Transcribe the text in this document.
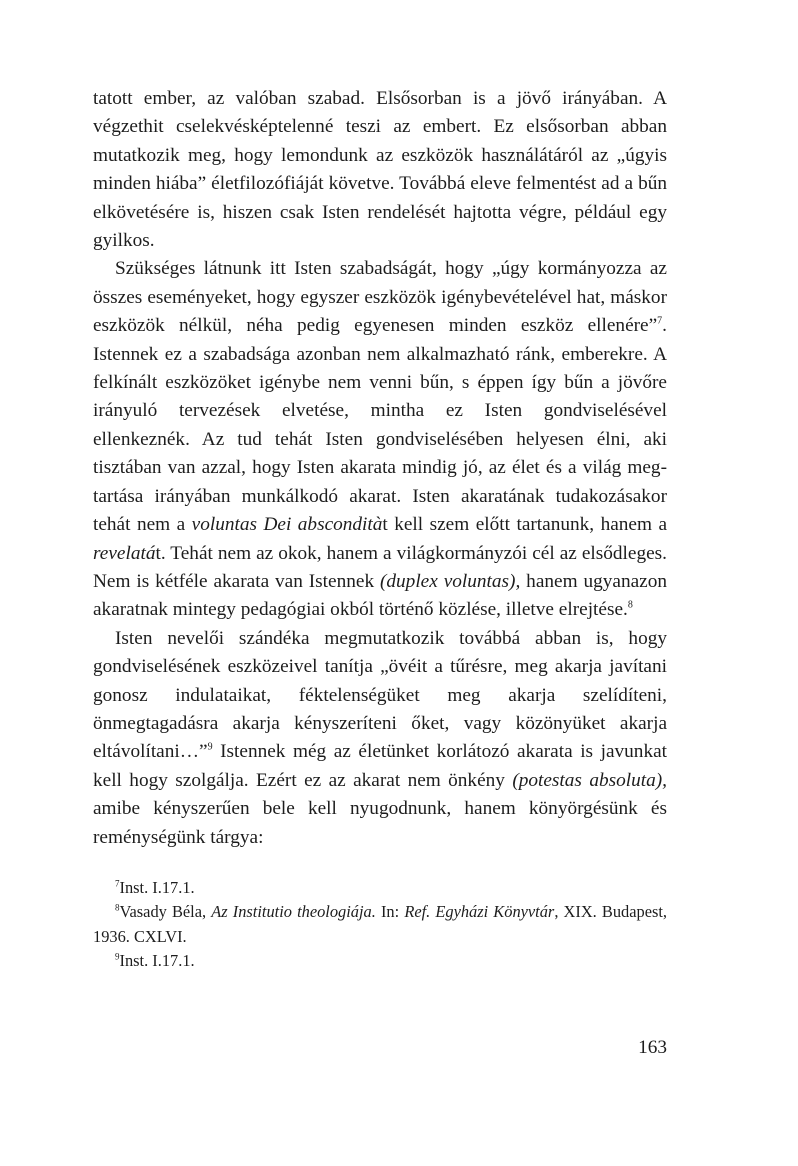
tatott ember, az valóban szabad. Elsősorban is a jövő irányában. A végzethit cselekvésképtelenné teszi az embert. Ez elsősorban abban mutatkozik meg, hogy lemondunk az eszközök használátáról az „úgyis minden hiába” életfilozófiáját követve. Továbbá eleve felmentést ad a bűn elkövetésére is, hiszen csak Isten rendelését hajtotta végre, például egy gyilkos.

Szükséges látnunk itt Isten szabadságát, hogy „úgy kormányozza az összes eseményeket, hogy egyszer eszközök igénybevételével hat, máskor eszközök nélkül, néha pedig egyenesen minden eszköz ellenére”$^7$. Istennek ez a szabadsága azonban nem alkalmazható ránk, emberekre. A felkínált eszközöket igénybe nem venni bűn, s éppen így bűn a jövőre irányuló tervezések elvetése, mintha ez Isten gondviselésével ellenkeznék. Az tud tehát Isten gondviselésében helyesen élni, aki tisztában van azzal, hogy Isten akarata mindig jó, az élet és a világ megtartása irányában munkálkodó akarat. Isten akaratának tudakozásakor tehát nem a voluntas Dei absconditàt kell szem előtt tartanunk, hanem a revelatát. Tehát nem az okok, hanem a világkormányzói cél az elsődleges. Nem is kétféle akarata van Istennek (duplex voluntas), hanem ugyanazon akaratnak mintegy pedagógiai okból történő közlése, illetve elrejtése.$^8$

Isten nevelői szándéka megmutatkozik továbbá abban is, hogy gondviselésének eszközeivel tanítja „övéit a tűrésre, meg akarja javítani gonosz indulataikat, féktelenségüket meg akarja szelídíteni, önmegtagadásra akarja kényszeríteni őket, vagy közönyüket akarja eltávolítani…”$^9$ Istennek még az életünket korlátozó akarata is javunkat kell hogy szolgálja. Ezért ez az akarat nem önkény (potestas absoluta), amibe kényszerűen bele kell nyugodnunk, hanem könyörgésünk és reménységünk tárgya:

$^7$Inst. I.17.1.

$^8$Vasady Béla, Az Institutio theologiája. In: Ref. Egyházi Könyvtár, XIX. Budapest, 1936. CXLVI.

$^9$Inst. I.17.1.

163
